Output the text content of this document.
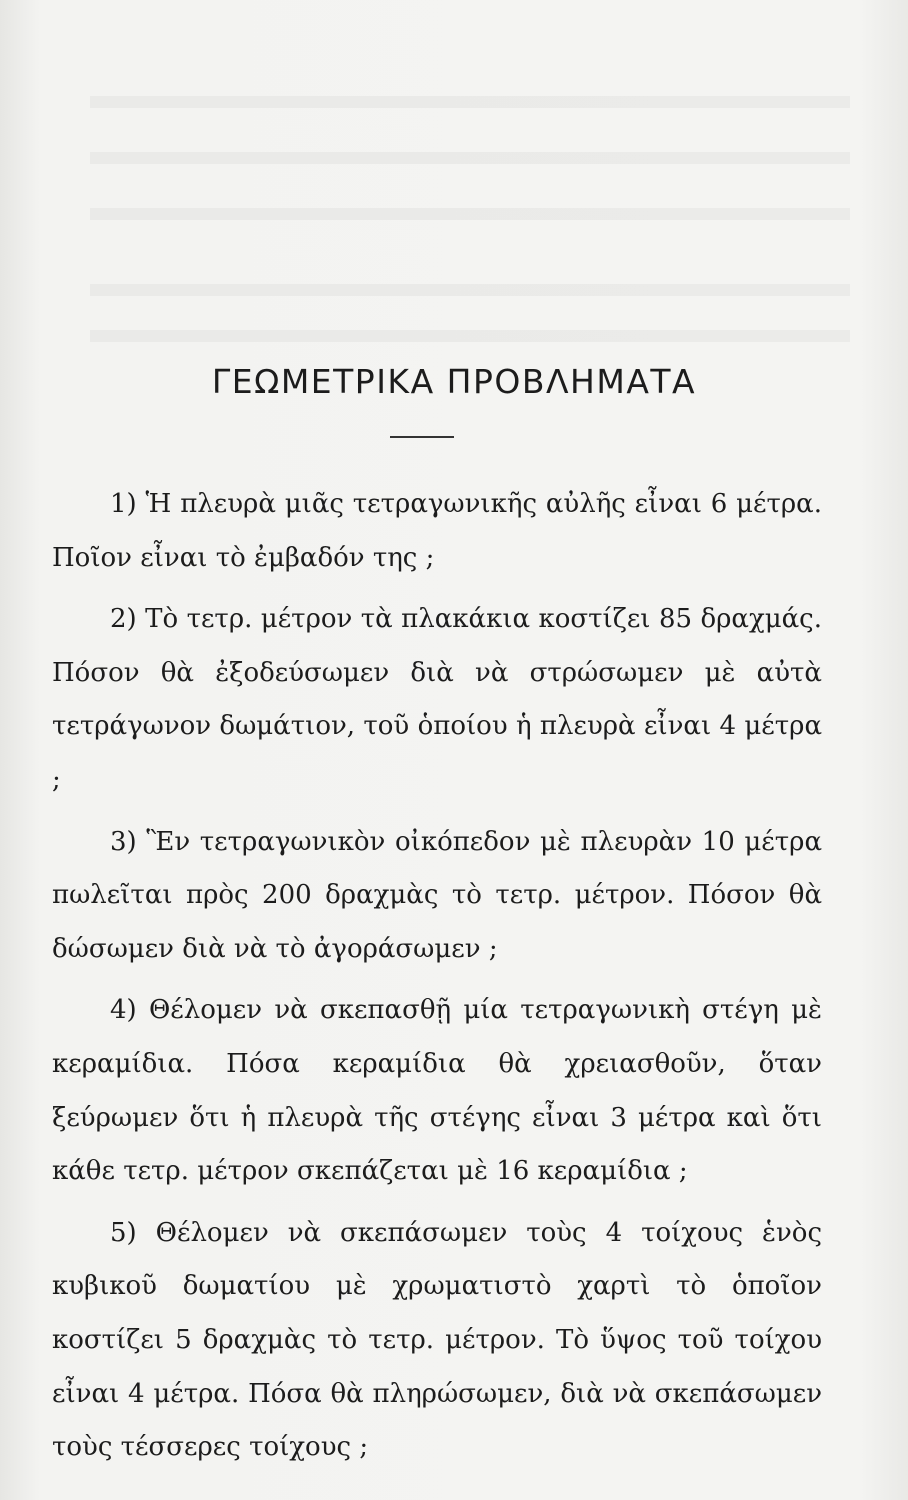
ΓΕΩΜΕΤΡΙΚΑ ΠΡΟΒΛΗΜΑΤΑ

1) Ἡ πλευρὰ μιᾶς τετραγωνικῆς αὐλῆς εἶναι 6 μέτρα. Ποῖον εἶναι τὸ ἐμβαδόν της ;

2) Τὸ τετρ. μέτρον τὰ πλακάκια κοστίζει 85 δραχμάς. Πόσον θὰ ἐξοδεύσωμεν διὰ νὰ στρώσωμεν μὲ αὐτὰ τετράγωνον δωμάτιον, τοῦ ὁποίου ἡ πλευρὰ εἶναι 4 μέτρα ;

3) Ἓν τετραγωνικὸν οἰκόπεδον μὲ πλευρὰν 10 μέτρα πωλεῖται πρὸς 200 δραχμὰς τὸ τετρ. μέτρον. Πόσον θὰ δώσωμεν διὰ νὰ τὸ ἀγοράσωμεν ;

4) Θέλομεν νὰ σκεπασθῇ μία τετραγωνικὴ στέγη μὲ κεραμίδια. Πόσα κεραμίδια θὰ χρειασθοῦν, ὅταν ξεύρωμεν ὅτι ἡ πλευρὰ τῆς στέγης εἶναι 3 μέτρα καὶ ὅτι κάθε τετρ. μέτρον σκεπάζεται μὲ 16 κεραμίδια ;

5) Θέλομεν νὰ σκεπάσωμεν τοὺς 4 τοίχους ἑνὸς κυβικοῦ δωματίου μὲ χρωματιστὸ χαρτὶ τὸ ὁποῖον κοστίζει 5 δραχμὰς τὸ τετρ. μέτρον. Τὸ ὕψος τοῦ τοίχου εἶναι 4 μέτρα. Πόσα θὰ πληρώσωμεν, διὰ νὰ σκεπάσωμεν τοὺς τέσσερες τοίχους ;
